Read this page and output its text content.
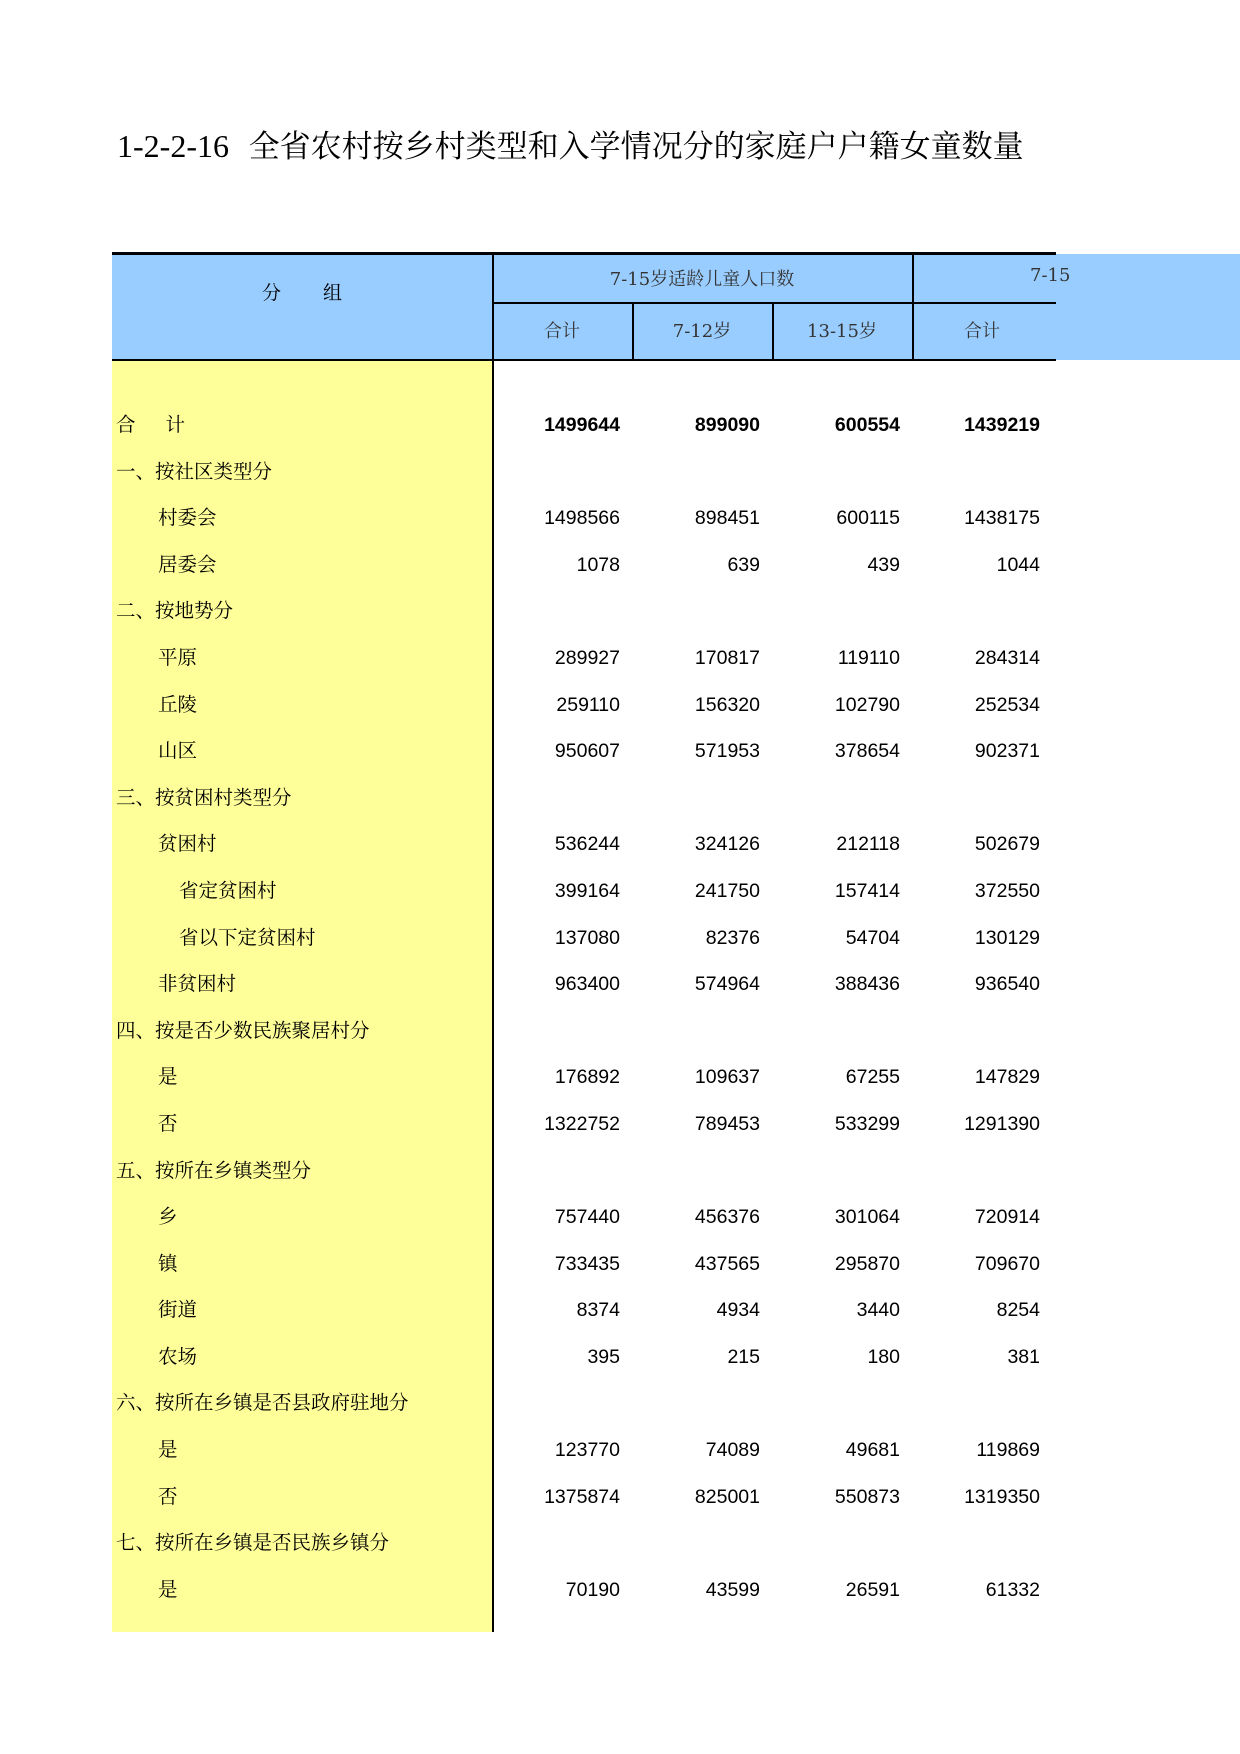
1-2-2-16 全省农村按乡村类型和入学情况分的家庭户户籍女童数量
分组
7-15岁适龄儿童人口数	7-15
合计	7-12岁	13-15岁	合计
合计	1499644	899090	600554	1439219
一、按社区类型分
村委会	1498566	898451	600115	1438175
居委会	1078	639	439	1044
二、按地势分
平原	289927	170817	119110	284314
丘陵	259110	156320	102790	252534
山区	950607	571953	378654	902371
三、按贫困村类型分
贫困村	536244	324126	212118	502679
省定贫困村	399164	241750	157414	372550
省以下定贫困村	137080	82376	54704	130129
非贫困村	963400	574964	388436	936540
四、按是否少数民族聚居村分
是	176892	109637	67255	147829
否	1322752	789453	533299	1291390
五、按所在乡镇类型分
乡	757440	456376	301064	720914
镇	733435	437565	295870	709670
街道	8374	4934	3440	8254
农场	395	215	180	381
六、按所在乡镇是否县政府驻地分
是	123770	74089	49681	119869
否	1375874	825001	550873	1319350
七、按所在乡镇是否民族乡镇分
是	70190	43599	26591	61332
